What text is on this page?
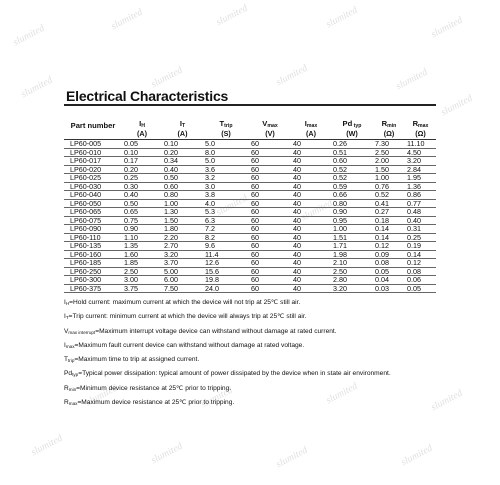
slumited
slumited	slumited	slumited	slumited
slumited	slumited	slumited	slumited
slumited
slumited	slumited
slumited	slumited	slumited	slumited
slumited	slumited	slumited	slumited
Electrical Characteristics
Part number	$I_H$	$I_T$	$T_{trip}$	$V_{max}$	$I_{max}$	Pd $_{typ}$	$R_{min}$	$R_{max}$
	(A)	(A)	(S)	(V)	(A)	(W)	(Ω)	(Ω)
LP60-005	0.05	0.10	5.0	60	40	0.26	7.30	11.10
LP60-010	0.10	0.20	8.0	60	40	0.51	2.50	4.50
LP60-017	0.17	0.34	5.0	60	40	0.60	2.00	3.20
LP60-020	0.20	0.40	3.6	60	40	0.52	1.50	2.84
LP60-025	0.25	0.50	3.2	60	40	0.52	1.00	1.95
LP60-030	0.30	0.60	3.0	60	40	0.59	0.76	1.36
LP60-040	0.40	0.80	3.8	60	40	0.66	0.52	0.86
LP60-050	0.50	1.00	4.0	60	40	0.80	0.41	0.77
LP60-065	0.65	1.30	5.3	60	40	0.90	0.27	0.48
LP60-075	0.75	1.50	6.3	60	40	0.95	0.18	0.40
LP60-090	0.90	1.80	7.2	60	40	1.00	0.14	0.31
LP60-110	1.10	2.20	8.2	60	40	1.51	0.14	0.25
LP60-135	1.35	2.70	9.6	60	40	1.71	0.12	0.19
LP60-160	1.60	3.20	11.4	60	40	1.98	0.09	0.14
LP60-185	1.85	3.70	12.6	60	40	2.10	0.08	0.12
LP60-250	2.50	5.00	15.6	60	40	2.50	0.05	0.08
LP60-300	3.00	6.00	19.8	60	40	2.80	0.04	0.06
LP60-375	3.75	7.50	24.0	60	40	3.20	0.03	0.05
$I_H=Hold$ current: maximum current at which the device will not trip at 25℃ still air.
$I_T=Trip$ current: minimum current at which the device will always trip at 25℃ still air.
$V_{max interrupt}=Maximum$ interrupt voltage device can withstand without damage at rated current.
$I_{max}=Maximum$ fault current device can withstand without damage at rated voltage.
$T_{trip}=Maximum$ time to trip at assigned current.
$Pd_{typ}=Typical$ power dissipation: typical amount of power dissipated by the device when in state air environment.
$R_{min}=Minimum$ device resistance at 25℃ prior to tripping.
$R_{max}=Maximum$ device resistance at 25℃ prior to tripping.
